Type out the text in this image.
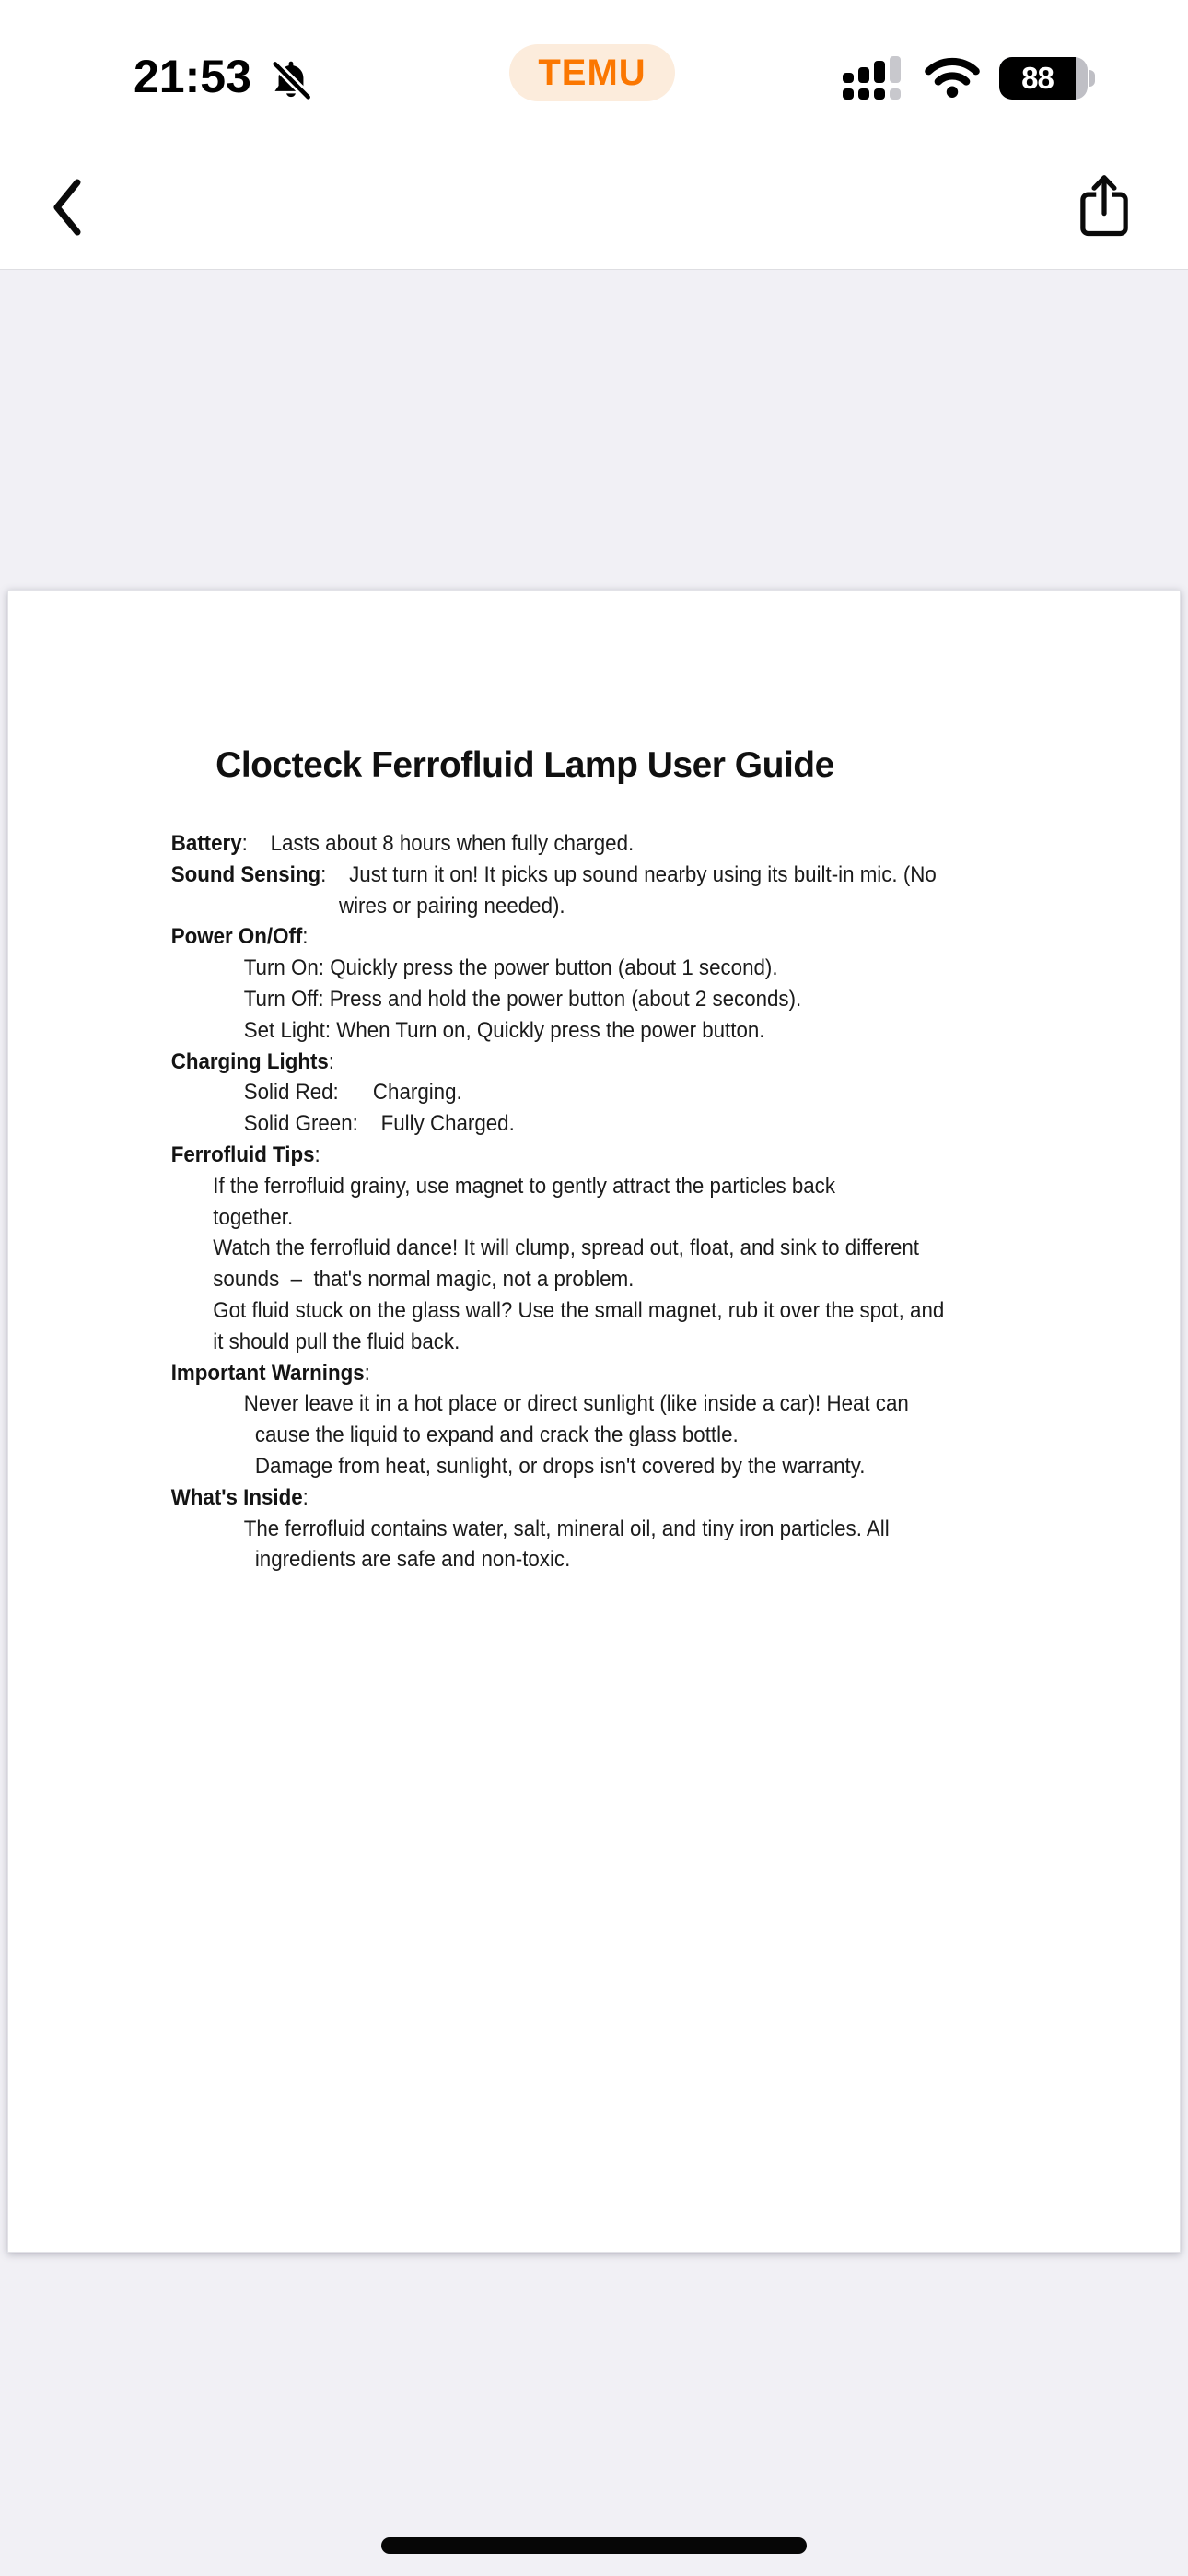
21:53	TEMU	88
Clocteck Ferrofluid Lamp User Guide
Battery:    Lasts about 8 hours when fully charged.
Sound Sensing:    Just turn it on! It picks up sound nearby using its built-in mic. (No
wires or pairing needed).
Power On/Off:
Turn On: Quickly press the power button (about 1 second).
Turn Off: Press and hold the power button (about 2 seconds).
Set Light: When Turn on, Quickly press the power button.
Charging Lights:
Solid Red:      Charging.
Solid Green:    Fully Charged.
Ferrofluid Tips:
If the ferrofluid grainy, use magnet to gently attract the particles back
together.
Watch the ferrofluid dance! It will clump, spread out, float, and sink to different
sounds  –  that's normal magic, not a problem.
Got fluid stuck on the glass wall? Use the small magnet, rub it over the spot, and
it should pull the fluid back.
Important Warnings:
Never leave it in a hot place or direct sunlight (like inside a car)! Heat can
cause the liquid to expand and crack the glass bottle.
Damage from heat, sunlight, or drops isn't covered by the warranty.
What's Inside:
The ferrofluid contains water, salt, mineral oil, and tiny iron particles. All
ingredients are safe and non-toxic.
